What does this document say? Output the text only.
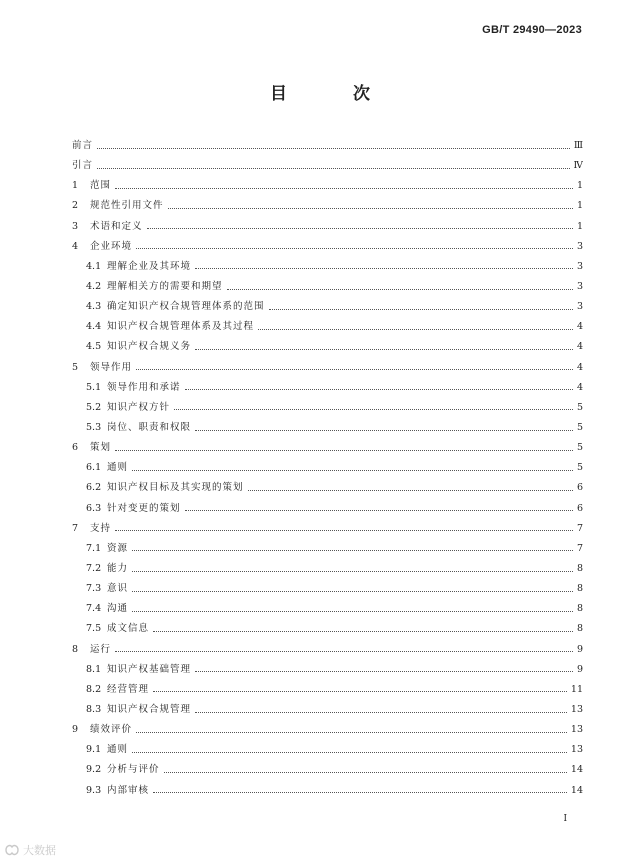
GB/T 29490—2023
目 次
前言	Ⅲ
引言	Ⅳ
1	范围	1
2	规范性引用文件	1
3	术语和定义	1
4	企业环境	3
4.1 理解企业及其环境	3
4.2 理解相关方的需要和期望	3
4.3 确定知识产权合规管理体系的范围	3
4.4 知识产权合规管理体系及其过程	4
4.5 知识产权合规义务	4
5	领导作用	4
5.1 领导作用和承诺	4
5.2 知识产权方针	5
5.3 岗位、职责和权限	5
6	策划	5
6.1 通则	5
6.2 知识产权目标及其实现的策划	6
6.3 针对变更的策划	6
7	支持	7
7.1 资源	7
7.2 能力	8
7.3 意识	8
7.4 沟通	8
7.5 成文信息	8
8	运行	9
8.1 知识产权基础管理	9
8.2 经营管理	11
8.3 知识产权合规管理	13
9	绩效评价	13
9.1 通则	13
9.2 分析与评价	14
9.3 内部审核	14
I
大数据
